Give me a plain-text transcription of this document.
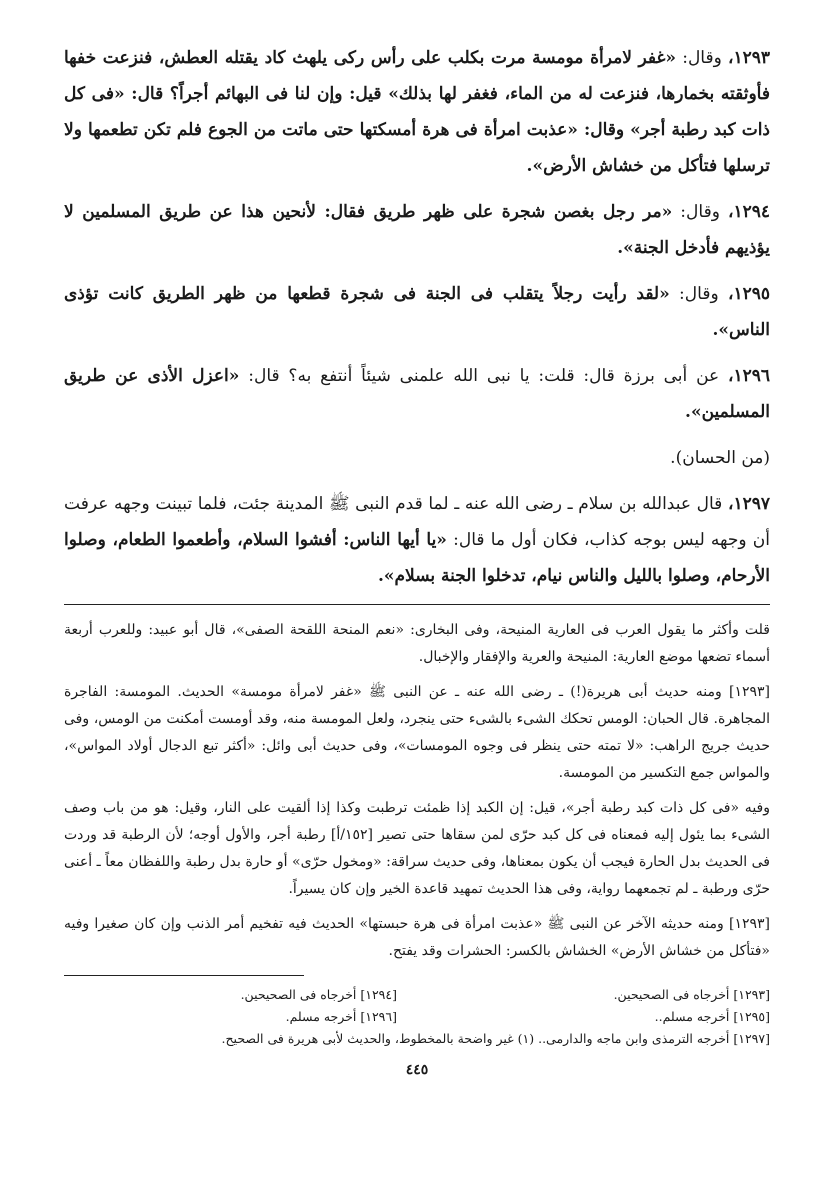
١٢٩٣، وقال: «غفر لامرأة مومسة مرت بكلب على رأس ركى يلهث كاد يقتله العطش، فنزعت خفها فأوثقته بخمارها، فنزعت له من الماء، فغفر لها بذلك» قيل: وإن لنا فى البهائم أجراً؟ قال: «فى كل ذات كبد رطبة أجر» وقال: «عذبت امرأة فى هرة أمسكتها حتى ماتت من الجوع فلم تكن تطعمها ولا ترسلها فتأكل من خشاش الأرض».

١٢٩٤، وقال: «مر رجل بغصن شجرة على ظهر طريق فقال: لأنحين هذا عن طريق المسلمين لا يؤذيهم فأدخل الجنة».

١٢٩٥، وقال: «لقد رأيت رجلاً يتقلب فى الجنة فى شجرة قطعها من ظهر الطريق كانت تؤذى الناس».

١٢٩٦، عن أبى برزة قال: قلت: يا نبى الله علمنى شيئاً أنتفع به؟ قال: «اعزل الأذى عن طريق المسلمين».

(من الحسان).

١٢٩٧، قال عبدالله بن سلام ـ رضى الله عنه ـ لما قدم النبى ﷺ المدينة جئت، فلما تبينت وجهه عرفت أن وجهه ليس بوجه كذاب، فكان أول ما قال: «يا أيها الناس: أفشوا السلام، وأطعموا الطعام، وصلوا الأرحام، وصلوا بالليل والناس نيام، تدخلوا الجنة بسلام».

قلت وأكثر ما يقول العرب فى العارية المنيحة، وفى البخارى: «نعم المنحة اللقحة الصفى»، قال أبو عبيد: وللعرب أربعة أسماء تضعها موضع العارية: المنيحة والعرية والإفقار والإخبال.

[١٢٩٣] ومنه حديث أبى هريرة(!) ـ رضى الله عنه ـ عن النبى ﷺ «غفر لامرأة مومسة» الحديث. المومسة: الفاجرة المجاهرة. قال الحبان: الومس تحكك الشىء بالشىء حتى ينجرد، ولعل المومسة منه، وقد أومست أمكنت من الومس، وفى حديث جريج الراهب: «لا تمته حتى ينظر فى وجوه المومسات»، وفى حديث أبى وائل: «أكثر تبع الدجال أولاد المواس»، والمواس جمع التكسير من المومسة.

وفيه «فى كل ذات كبد رطبة أجر»، قيل: إن الكبد إذا ظمئت ترطبت وكذا إذا ألقيت على النار، وقيل: هو من باب وصف الشىء بما يئول إليه فمعناه فى كل كبد حرّى لمن سقاها حتى تصير [١٥٢/أ] رطبة أجر، والأول أوجه؛ لأن الرطبة قد وردت فى الحديث بدل الحارة فيجب أن يكون بمعناها، وفى حديث سراقة: «ومخول حرّى» أو حارة بدل رطبة واللفظان معاً ـ أعنى حرّى ورطبة ـ لم تجمعهما رواية، وفى هذا الحديث تمهيد قاعدة الخير وإن كان يسيراً.

[١٢٩٣] ومنه حديثه الآخر عن النبى ﷺ «عذبت امرأة فى هرة حبستها» الحديث فيه تفخيم أمر الذنب وإن كان صغيرا وفيه «فتأكل من خشاش الأرض» الخشاش بالكسر: الحشرات وقد يفتح.

[١٢٩٣] أخرجاه فى الصحيحين.
[١٢٩٤] أخرجاه فى الصحيحين.
[١٢٩٥] أخرجه مسلم..
[١٢٩٦] أخرجه مسلم.
[١٢٩٧] أخرجه الترمذى وابن ماجه والدارمى.. (١) غير واضحة بالمخطوط، والحديث لأبى هريرة فى الصحيح.
٤٤٥
